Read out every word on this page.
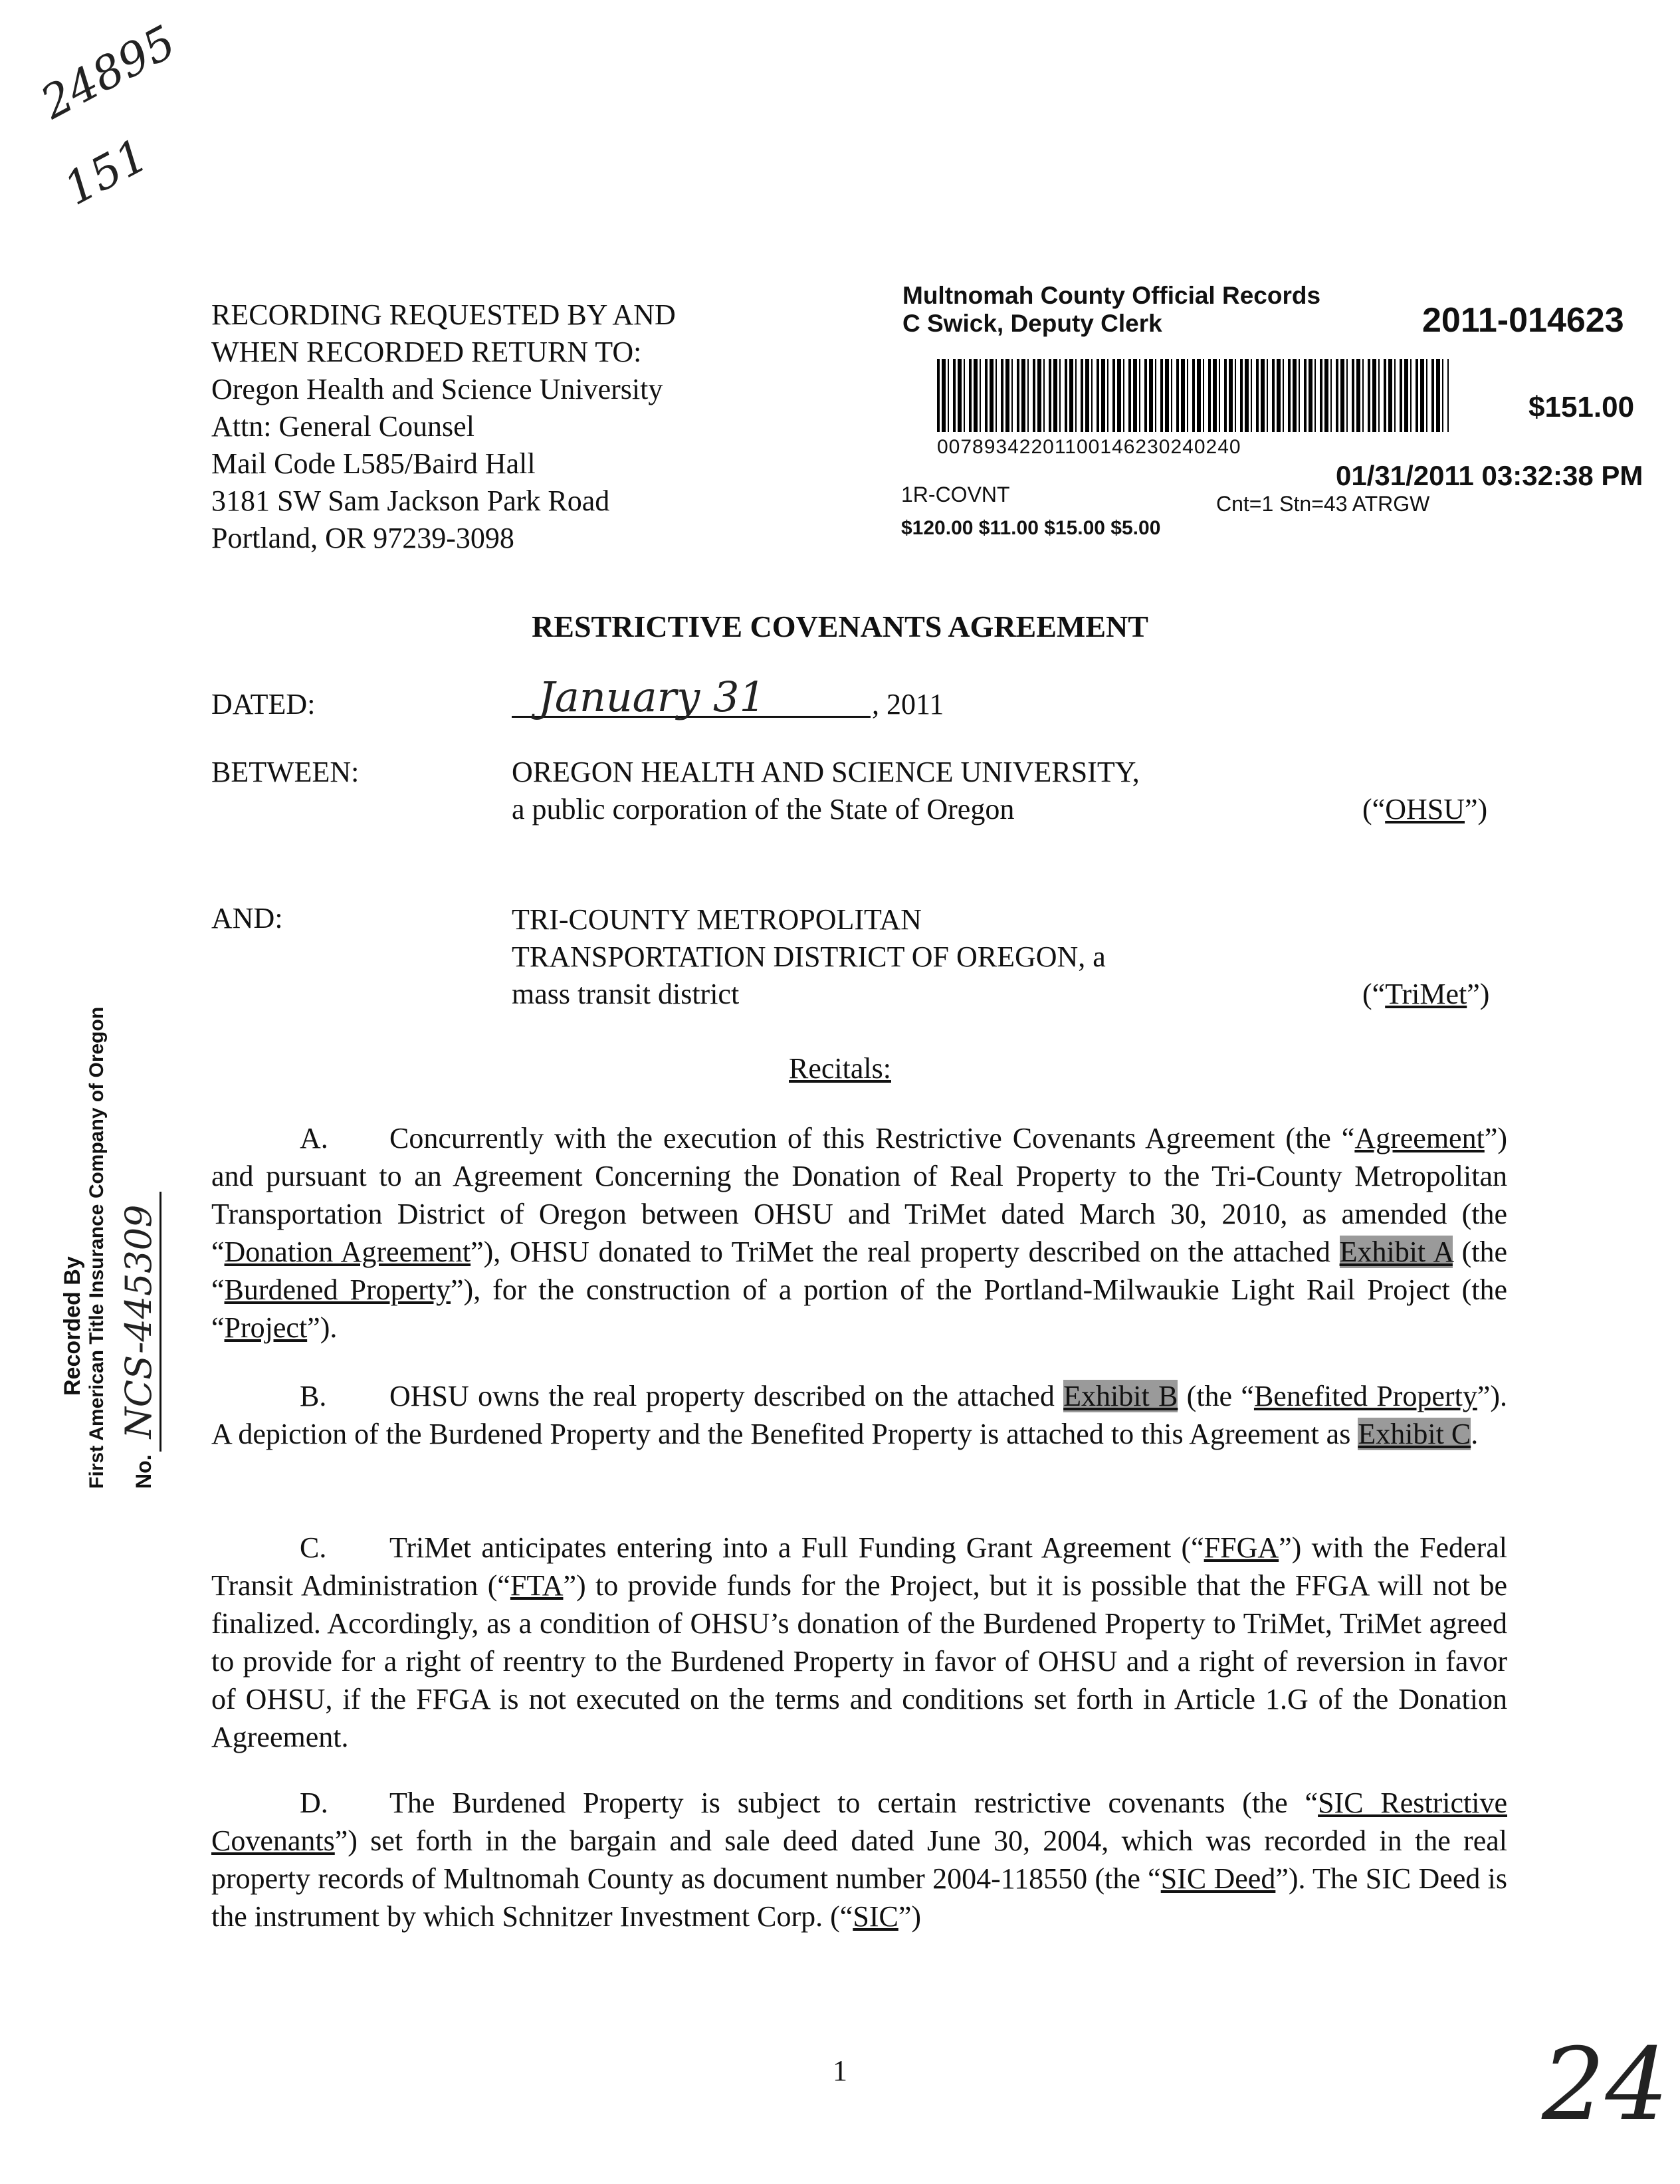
24895
151
24
RECORDING REQUESTED BY AND
WHEN RECORDED RETURN TO:
Oregon Health and Science University
Attn: General Counsel
Mail Code L585/Baird Hall
3181 SW Sam Jackson Park Road
Portland, OR 97239-3098
Multnomah County Official Records
C Swick, Deputy Clerk	2011-014623
$151.00
00789342201100146230240240
01/31/2011 03:32:38 PM
1R-COVNT	Cnt=1 Stn=43 ATRGW
$120.00 $11.00 $15.00 $5.00
RESTRICTIVE COVENANTS AGREEMENT
DATED:	January 31	, 2011
BETWEEN:	OREGON HEALTH AND SCIENCE UNIVERSITY,
a public corporation of the State of Oregon	(“OHSU”)
AND:	TRI-COUNTY METROPOLITAN
TRANSPORTATION DISTRICT OF OREGON, a
mass transit district	(“TriMet”)
Recorded By First American Title Insurance Company of Oregon	No. NCS-445309
Recitals:
A. Concurrently with the execution of this Restrictive Covenants Agreement (the “Agreement”) and pursuant to an Agreement Concerning the Donation of Real Property to the Tri-County Metropolitan Transportation District of Oregon between OHSU and TriMet dated March 30, 2010, as amended (the “Donation Agreement”), OHSU donated to TriMet the real property described on the attached Exhibit A (the “Burdened Property”), for the construction of a portion of the Portland-Milwaukie Light Rail Project (the “Project”).
B. OHSU owns the real property described on the attached Exhibit B (the “Benefited Property”). A depiction of the Burdened Property and the Benefited Property is attached to this Agreement as Exhibit C.
C. TriMet anticipates entering into a Full Funding Grant Agreement (“FFGA”) with the Federal Transit Administration (“FTA”) to provide funds for the Project, but it is possible that the FFGA will not be finalized. Accordingly, as a condition of OHSU’s donation of the Burdened Property to TriMet, TriMet agreed to provide for a right of reentry to the Burdened Property in favor of OHSU and a right of reversion in favor of OHSU, if the FFGA is not executed on the terms and conditions set forth in Article 1.G of the Donation Agreement.
D. The Burdened Property is subject to certain restrictive covenants (the “SIC Restrictive Covenants”) set forth in the bargain and sale deed dated June 30, 2004, which was recorded in the real property records of Multnomah County as document number 2004-118550 (the “SIC Deed”). The SIC Deed is the instrument by which Schnitzer Investment Corp. (“SIC”)
1
